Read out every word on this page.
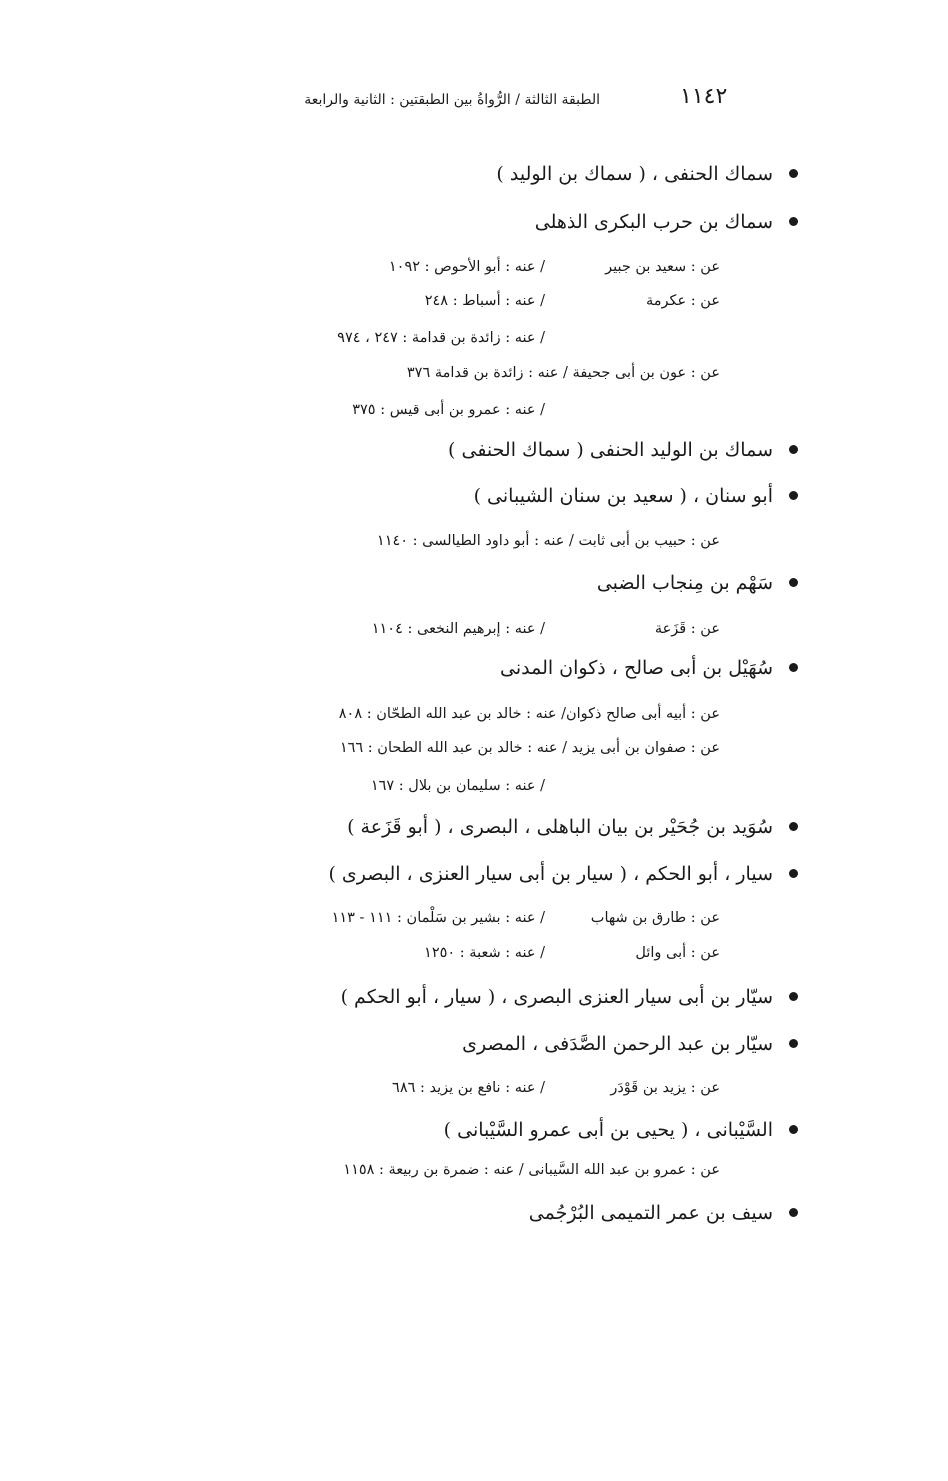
١١٤٢
الطبقة الثالثة / الرُّواةُ بين الطبقتين : الثانية والرابعة
سماك الحنفى ، ( سماك بن الوليد )
سماك بن حرب البكرى الذهلى
عن : سعيد بن جبير/ عنه : أبو الأحوص : ١٠٩٢
عن : عكرمة/ عنه : أسباط : ٢٤٨
/ عنه : زائدة بن قدامة : ٢٤٧ ، ٩٧٤
عن : عون بن أبى جحيفة / عنه : زائدة بن قدامة ٣٧٦
/ عنه : عمرو بن أبى قيس : ٣٧٥
سماك بن الوليد الحنفى ( سماك الحنفى )
أبو سنان ، ( سعيد بن سنان الشيبانى )
عن : حبيب بن أبى ثابت / عنه : أبو داود الطيالسى : ١١٤٠
سَهْم بن مِنجاب الضبى
عن : قَزَعة/ عنه : إبرهيم النخعى : ١١٠٤
سُهَيْل بن أبى صالح ، ذكوان المدنى
عن : أبيه أبى صالح ذكوان/ عنه : خالد بن عبد الله الطحّان : ٨٠٨
عن : صفوان بن أبى يزيد / عنه : خالد بن عبد الله الطحان : ١٦٦
/ عنه : سليمان بن بلال : ١٦٧
سُوَيد بن جُحَيْر بن بيان الباهلى ، البصرى ، ( أبو قَزَعة )
سيار ، أبو الحكم ، ( سيار بن أبى سيار العنزى ، البصرى )
عن : طارق بن شهاب/ عنه : بشير بن سَلْمان : ١١١ - ١١٣
عن : أبى وائل/ عنه : شعبة : ١٢٥٠
سيّار بن أبى سيار العنزى البصرى ، ( سيار ، أبو الحكم )
سيّار بن عبد الرحمن الصَّدَفى ، المصرى
عن : يزيد بن قَوْدَر/ عنه : نافع بن يزيد : ٦٨٦
السَّيْبانى ، ( يحيى بن أبى عمرو السَّيْبانى )
عن : عمرو بن عبد الله السَّيبانى / عنه : ضمرة بن ربيعة : ١١٥٨
سيف بن عمر التميمى البُرْجُمى
